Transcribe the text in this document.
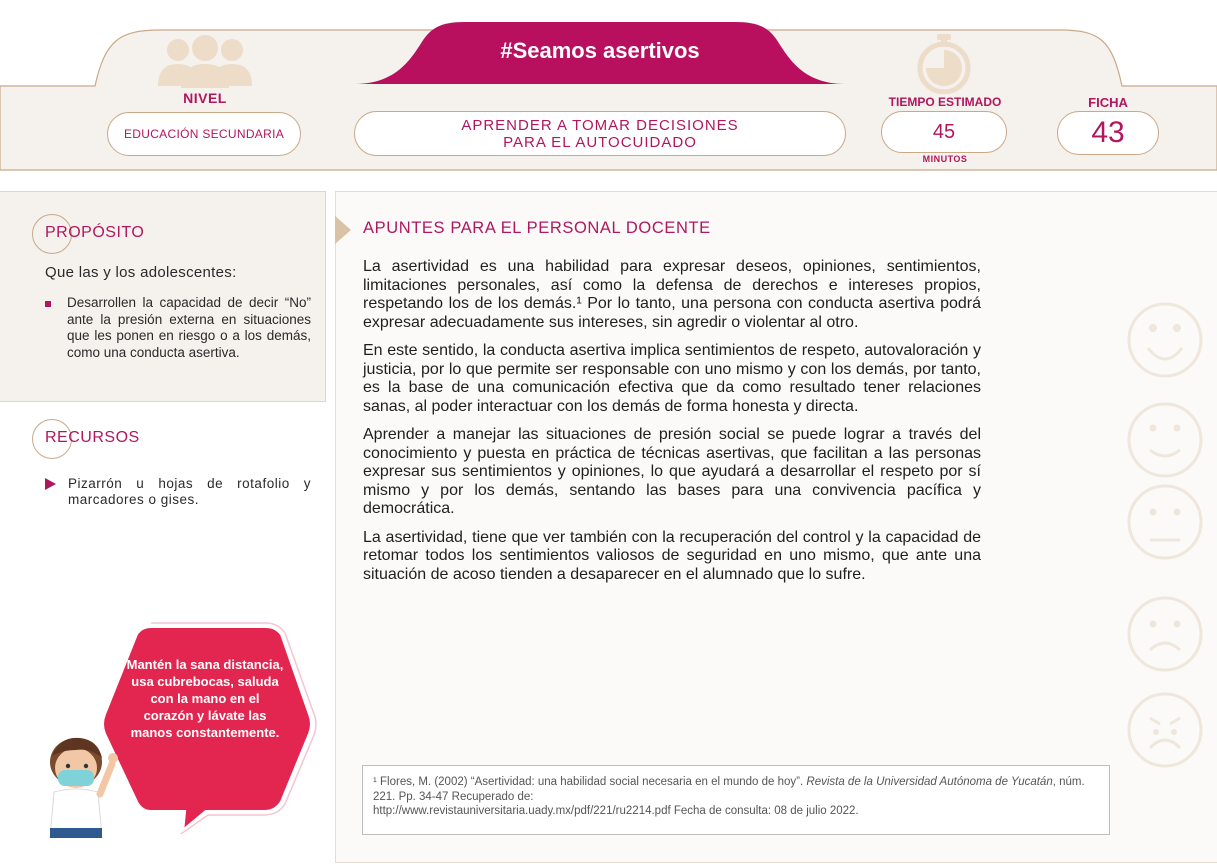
NIVEL
EDUCACIÓN SECUNDARIA
#Seamos asertivos
APRENDER A TOMAR DECISIONES
PARA EL AUTOCUIDADO
TIEMPO ESTIMADO
45
MINUTOS
FICHA
43
PROPÓSITO
Que las y los adolescentes:
Desarrollen la capacidad de decir “No” ante la presión externa en situaciones que les ponen en riesgo o a los demás, como una conducta asertiva.
RECURSOS
Pizarrón u hojas de rotafolio y marcadores o gises.
Mantén la sana distancia, usa cubrebocas, saluda con la mano en el corazón y lávate las manos constantemente.
APUNTES PARA EL PERSONAL DOCENTE

La asertividad es una habilidad para expresar deseos, opiniones, sentimientos, limitaciones personales, así como la defensa de derechos e intereses propios, respetando los de los demás.¹ Por lo tanto, una persona con conducta asertiva podrá expresar adecuadamente sus intereses, sin agredir o violentar al otro.

En este sentido, la conducta asertiva implica sentimientos de respeto, autovaloración y justicia, por lo que permite ser responsable con uno mismo y con los demás, por tanto, es la base de una comunicación efectiva que da como resultado tener relaciones sanas, al poder interactuar con los demás de forma honesta y directa.

Aprender a manejar las situaciones de presión social se puede lograr a través del conocimiento y puesta en práctica de técnicas asertivas, que facilitan a las personas expresar sus sentimientos y opiniones, lo que ayudará a desarrollar el respeto por sí mismo y por los demás, sentando las bases para una convivencia pacífica y democrática.

La asertividad, tiene que ver también con la recuperación del control y la capacidad de retomar todos los sentimientos valiosos de seguridad en uno mismo, que ante una situación de acoso tienden a desaparecer en el alumnado que lo sufre.

¹ Flores, M. (2002) “Asertividad: una habilidad social necesaria en el mundo de hoy”. Revista de la Universidad Autónoma de Yucatán, núm. 221. Pp. 34-47 Recuperado de:
http://www.revistauniversitaria.uady.mx/pdf/221/ru2214.pdf Fecha de consulta: 08 de julio 2022.
